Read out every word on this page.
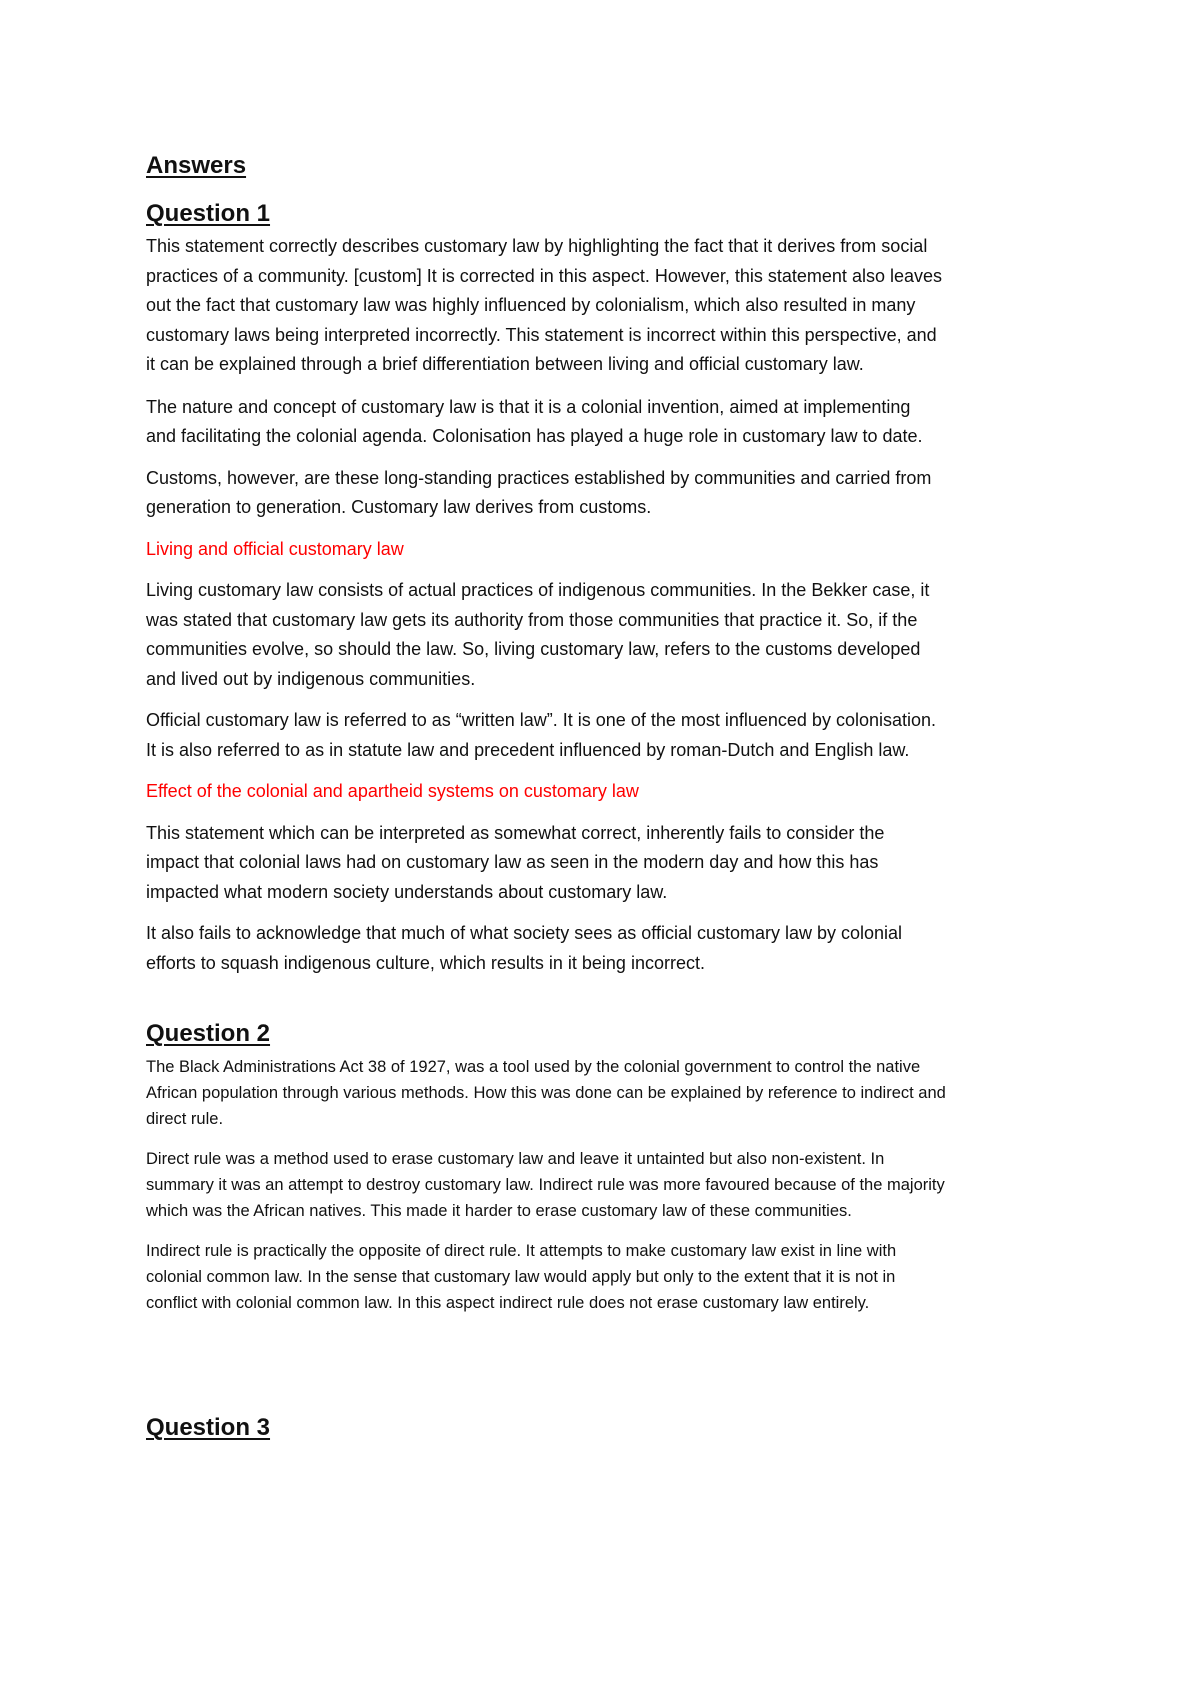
Answers
Question 1

This statement correctly describes customary law by highlighting the fact that it derives from social
practices of a community. [custom] It is corrected in this aspect. However, this statement also leaves
out the fact that customary law was highly influenced by colonialism, which also resulted in many
customary laws being interpreted incorrectly. This statement is incorrect within this perspective, and
it can be explained through a brief differentiation between living and official customary law.

The nature and concept of customary law is that it is a colonial invention, aimed at implementing
and facilitating the colonial agenda. Colonisation has played a huge role in customary law to date.

Customs, however, are these long-standing practices established by communities and carried from
generation to generation. Customary law derives from customs.

Living and official customary law

Living customary law consists of actual practices of indigenous communities. In the Bekker case, it
was stated that customary law gets its authority from those communities that practice it. So, if the
communities evolve, so should the law. So, living customary law, refers to the customs developed
and lived out by indigenous communities.

Official customary law is referred to as “written law”. It is one of the most influenced by colonisation.
It is also referred to as in statute law and precedent influenced by roman-Dutch and English law.

Effect of the colonial and apartheid systems on customary law

This statement which can be interpreted as somewhat correct, inherently fails to consider the
impact that colonial laws had on customary law as seen in the modern day and how this has
impacted what modern society understands about customary law.

It also fails to acknowledge that much of what society sees as official customary law by colonial
efforts to squash indigenous culture, which results in it being incorrect.

Question 2

The Black Administrations Act 38 of 1927, was a tool used by the colonial government to control the native
African population through various methods. How this was done can be explained by reference to indirect and
direct rule.

Direct rule was a method used to erase customary law and leave it untainted but also non-existent. In
summary it was an attempt to destroy customary law. Indirect rule was more favoured because of the majority
which was the African natives. This made it harder to erase customary law of these communities.

Indirect rule is practically the opposite of direct rule. It attempts to make customary law exist in line with
colonial common law. In the sense that customary law would apply but only to the extent that it is not in
conflict with colonial common law. In this aspect indirect rule does not erase customary law entirely.

Question 3
